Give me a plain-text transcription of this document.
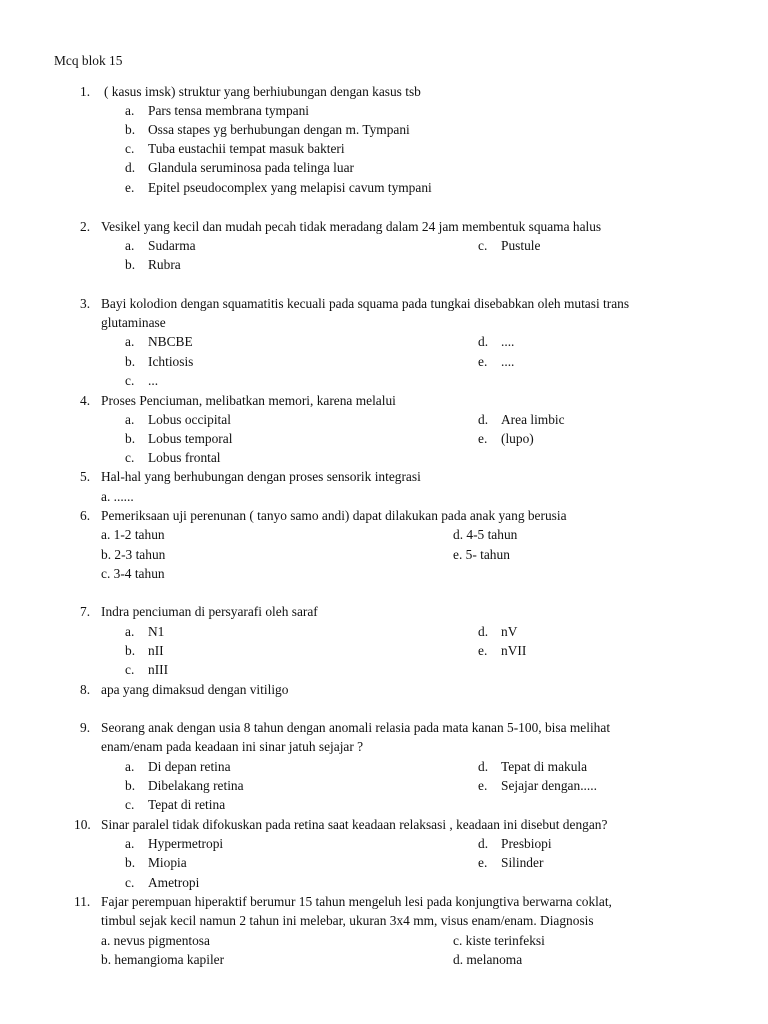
Mcq blok 15
1. ( kasus imsk) struktur yang berhiubungan dengan kasus tsb
a. Pars tensa membrana tympani
b. Ossa stapes yg berhubungan dengan m. Tympani
c. Tuba eustachii tempat masuk bakteri
d. Glandula seruminosa pada telinga luar
e. Epitel pseudocomplex yang melapisi cavum tympani
2. Vesikel yang kecil dan mudah pecah tidak meradang dalam 24 jam membentuk squama halus
a. Sudarma	c. Pustule
b. Rubra
3. Bayi kolodion dengan squamatitis kecuali pada squama pada tungkai disebabkan oleh mutasi trans
glutaminase
a. NBCBE	d. ....
b. Ichtiosis	e. ....
c. ...
4. Proses Penciuman, melibatkan memori, karena melalui
a. Lobus occipital	d. Area limbic
b. Lobus temporal	e. (lupo)
c. Lobus frontal
5. Hal-hal yang berhubungan dengan proses sensorik integrasi
a. ......
6. Pemeriksaan uji perenunan ( tanyo samo andi) dapat dilakukan pada anak yang berusia
a. 1-2 tahun	d. 4-5 tahun
b. 2-3 tahun	e. 5- tahun
c. 3-4 tahun
7. Indra penciuman di persyarafi oleh saraf
a. N1	d. nV
b. nII	e. nVII
c. nIII
8. apa yang dimaksud dengan vitiligo
9. Seorang anak dengan usia 8 tahun dengan anomali relasia pada mata kanan 5-100, bisa melihat
enam/enam pada keadaan ini sinar jatuh sejajar ?
a. Di depan retina	d. Tepat di makula
b. Dibelakang retina	e. Sejajar dengan.....
c. Tepat di retina
10. Sinar paralel tidak difokuskan pada retina saat keadaan relaksasi , keadaan ini disebut dengan?
a. Hypermetropi	d. Presbiopi
b. Miopia	e. Silinder
c. Ametropi
11. Fajar perempuan hiperaktif berumur 15 tahun mengeluh lesi pada konjungtiva berwarna coklat,
timbul sejak kecil namun 2 tahun ini melebar, ukuran 3x4 mm, visus enam/enam. Diagnosis
a. nevus pigmentosa	c. kiste terinfeksi
b. hemangioma kapiler	d. melanoma
